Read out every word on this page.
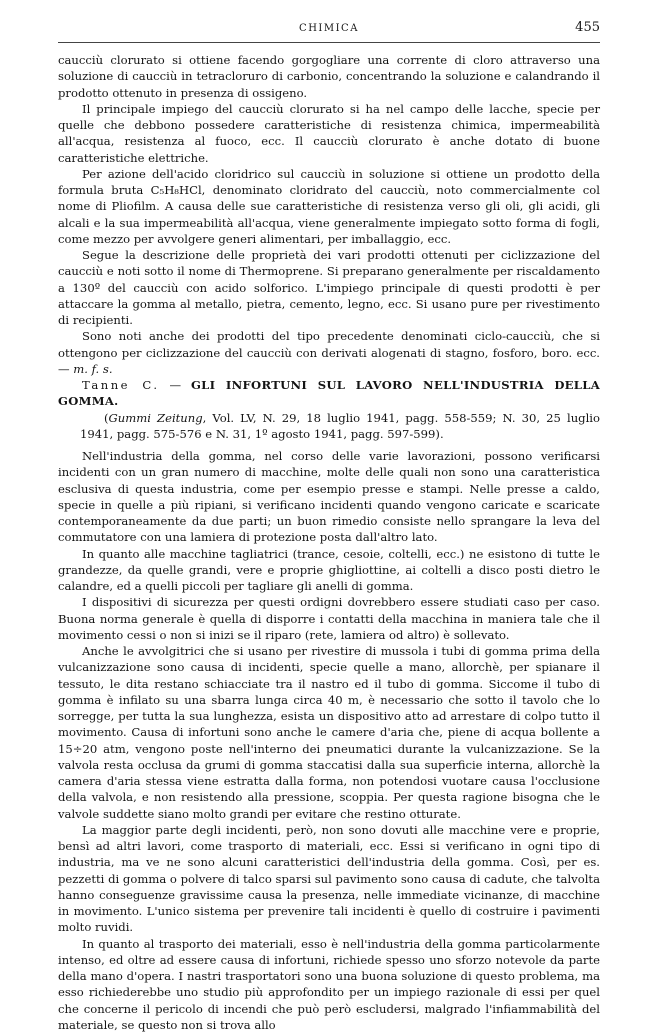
CHIMICA	455

caucciù clorurato si ottiene facendo gorgogliare una corrente di cloro attraverso una soluzione di caucciù in tetracloruro di carbonio, concentrando la soluzione e calandrando il prodotto ottenuto in presenza di ossigeno.

Il principale impiego del caucciù clorurato si ha nel campo delle lacche, specie per quelle che debbono possedere caratteristiche di resistenza chimica, impermeabilità all'acqua, resistenza al fuoco, ecc. Il caucciù clorurato è anche dotato di buone caratteristiche elettriche.

Per azione dell'acido cloridrico sul caucciù in soluzione si ottiene un prodotto della formula bruta C₅H₈HCl, denominato cloridrato del caucciù, noto commercialmente col nome di Pliofilm. A causa delle sue caratteristiche di resistenza verso gli oli, gli acidi, gli alcali e la sua impermeabilità all'acqua, viene generalmente impiegato sotto forma di fogli, come mezzo per avvolgere generi alimentari, per imballaggio, ecc.

Segue la descrizione delle proprietà dei vari prodotti ottenuti per ciclizzazione del caucciù e noti sotto il nome di Thermoprene. Si preparano generalmente per riscaldamento a 130º del caucciù con acido solforico. L'impiego principale di questi prodotti è per attaccare la gomma al metallo, pietra, cemento, legno, ecc. Si usano pure per rivestimento di recipienti.

Sono noti anche dei prodotti del tipo precedente denominati ciclo-caucciù, che si ottengono per ciclizzazione del caucciù con derivati alogenati di stagno, fosforo, boro. ecc. — m. f. s.

Tanne C. — GLI INFORTUNI SUL LAVORO NELL'INDUSTRIA DELLA GOMMA.
(Gummi Zeitung, Vol. LV, N. 29, 18 luglio 1941, pagg. 558-559; N. 30, 25 luglio 1941, pagg. 575-576 e N. 31, 1º agosto 1941, pagg. 597-599).

Nell'industria della gomma, nel corso delle varie lavorazioni, possono verificarsi incidenti con un gran numero di macchine, molte delle quali non sono una caratteristica esclusiva di questa industria, come per esempio presse e stampi. Nelle presse a caldo, specie in quelle a più ripiani, si verificano incidenti quando vengono caricate e scaricate contemporaneamente da due parti; un buon rimedio consiste nello sprangare la leva del commutatore con una lamiera di protezione posta dall'altro lato.

In quanto alle macchine tagliatrici (trance, cesoie, coltelli, ecc.) ne esistono di tutte le grandezze, da quelle grandi, vere e proprie ghigliottine, ai coltelli a disco posti dietro le calandre, ed a quelli piccoli per tagliare gli anelli di gomma.

I dispositivi di sicurezza per questi ordigni dovrebbero essere studiati caso per caso. Buona norma generale è quella di disporre i contatti della macchina in maniera tale che il movimento cessi o non si inizi se il riparo (rete, lamiera od altro) è sollevato.

Anche le avvolgitrici che si usano per rivestire di mussola i tubi di gomma prima della vulcanizzazione sono causa di incidenti, specie quelle a mano, allorchè, per spianare il tessuto, le dita restano schiacciate tra il nastro ed il tubo di gomma. Siccome il tubo di gomma è infilato su una sbarra lunga circa 40 m, è necessario che sotto il tavolo che lo sorregge, per tutta la sua lunghezza, esista un dispositivo atto ad arrestare di colpo tutto il movimento. Causa di infortuni sono anche le camere d'aria che, piene di acqua bollente a 15÷20 atm, vengono poste nell'interno dei pneumatici durante la vulcanizzazione. Se la valvola resta occlusa da grumi di gomma staccatisi dalla sua superficie interna, allorchè la camera d'aria stessa viene estratta dalla forma, non potendosi vuotare causa l'occlusione della valvola, e non resistendo alla pressione, scoppia. Per questa ragione bisogna che le valvole suddette siano molto grandi per evitare che restino otturate.

La maggior parte degli incidenti, però, non sono dovuti alle macchine vere e proprie, bensì ad altri lavori, come trasporto di materiali, ecc. Essi si verificano in ogni tipo di industria, ma ve ne sono alcuni caratteristici dell'industria della gomma. Così, per es. pezzetti di gomma o polvere di talco sparsi sul pavimento sono causa di cadute, che talvolta hanno conseguenze gravissime causa la presenza, nelle immediate vicinanze, di macchine in movimento. L'unico sistema per prevenire tali incidenti è quello di costruire i pavimenti molto ruvidi.

In quanto al trasporto dei materiali, esso è nell'industria della gomma particolarmente intenso, ed oltre ad essere causa di infortuni, richiede spesso uno sforzo notevole da parte della mano d'opera. I nastri trasportatori sono una buona soluzione di questo problema, ma esso richiederebbe uno studio più approfondito per un impiego razionale di essi per quel che concerne il pericolo di incendi che può però escludersi, malgrado l'infiammabilità del materiale, se questo non si trova allo
